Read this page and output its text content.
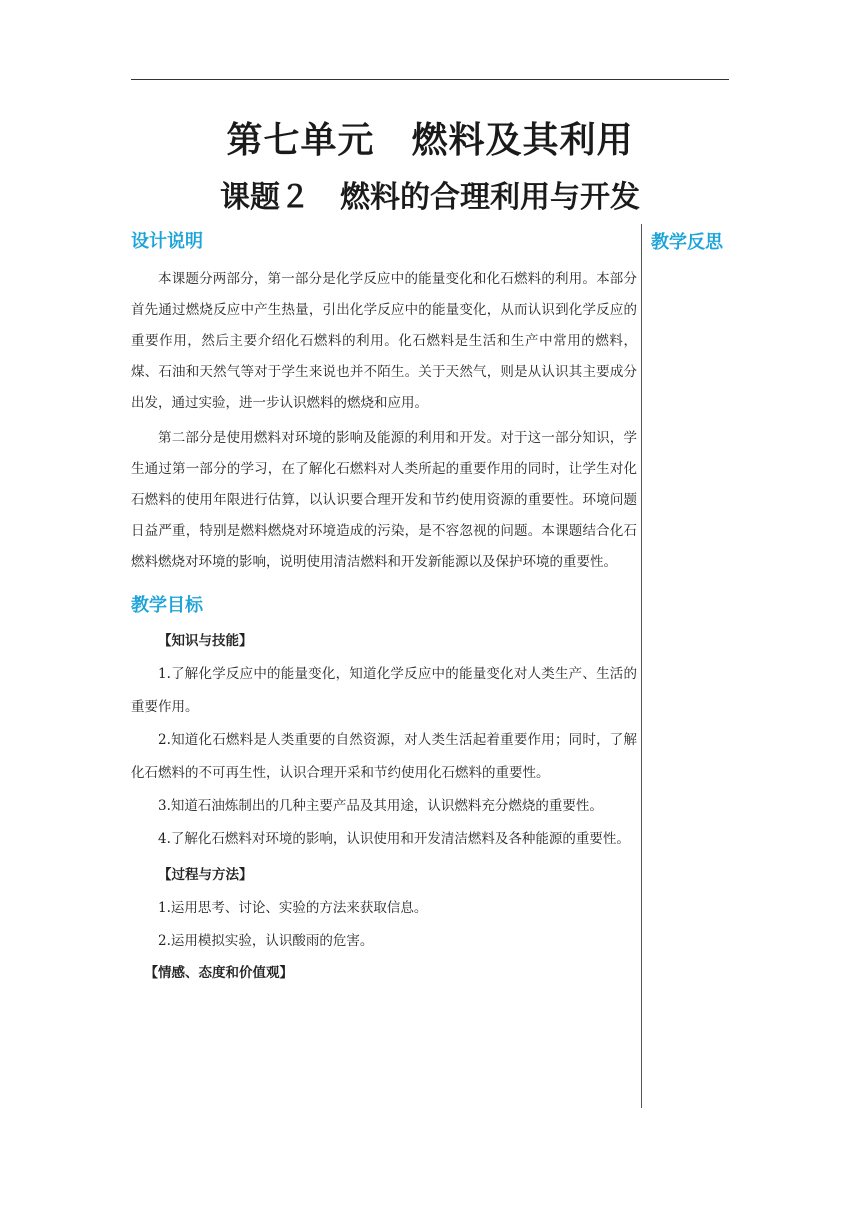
第七单元　燃料及其利用
课题２　燃料的合理利用与开发
教学反思
设计说明

本课题分两部分，第一部分是化学反应中的能量变化和化石燃料的利用。本部分首先通过燃烧反应中产生热量，引出化学反应中的能量变化，从而认识到化学反应的重要作用，然后主要介绍化石燃料的利用。化石燃料是生活和生产中常用的燃料，煤、石油和天然气等对于学生来说也并不陌生。关于天然气，则是从认识其主要成分出发，通过实验，进一步认识燃料的燃烧和应用。

第二部分是使用燃料对环境的影响及能源的利用和开发。对于这一部分知识，学生通过第一部分的学习，在了解化石燃料对人类所起的重要作用的同时，让学生对化石燃料的使用年限进行估算，以认识要合理开发和节约使用资源的重要性。环境问题日益严重，特别是燃料燃烧对环境造成的污染，是不容忽视的问题。本课题结合化石燃料燃烧对环境的影响，说明使用清洁燃料和开发新能源以及保护环境的重要性。

教学目标
【知识与技能】

1.了解化学反应中的能量变化，知道化学反应中的能量变化对人类生产、生活的重要作用。

2.知道化石燃料是人类重要的自然资源，对人类生活起着重要作用；同时，了解化石燃料的不可再生性，认识合理开采和节约使用化石燃料的重要性。

3.知道石油炼制出的几种主要产品及其用途，认识燃料充分燃烧的重要性。

4.了解化石燃料对环境的影响，认识使用和开发清洁燃料及各种能源的重要性。

【过程与方法】

1.运用思考、讨论、实验的方法来获取信息。

2.运用模拟实验，认识酸雨的危害。

【情感、态度和价值观】
